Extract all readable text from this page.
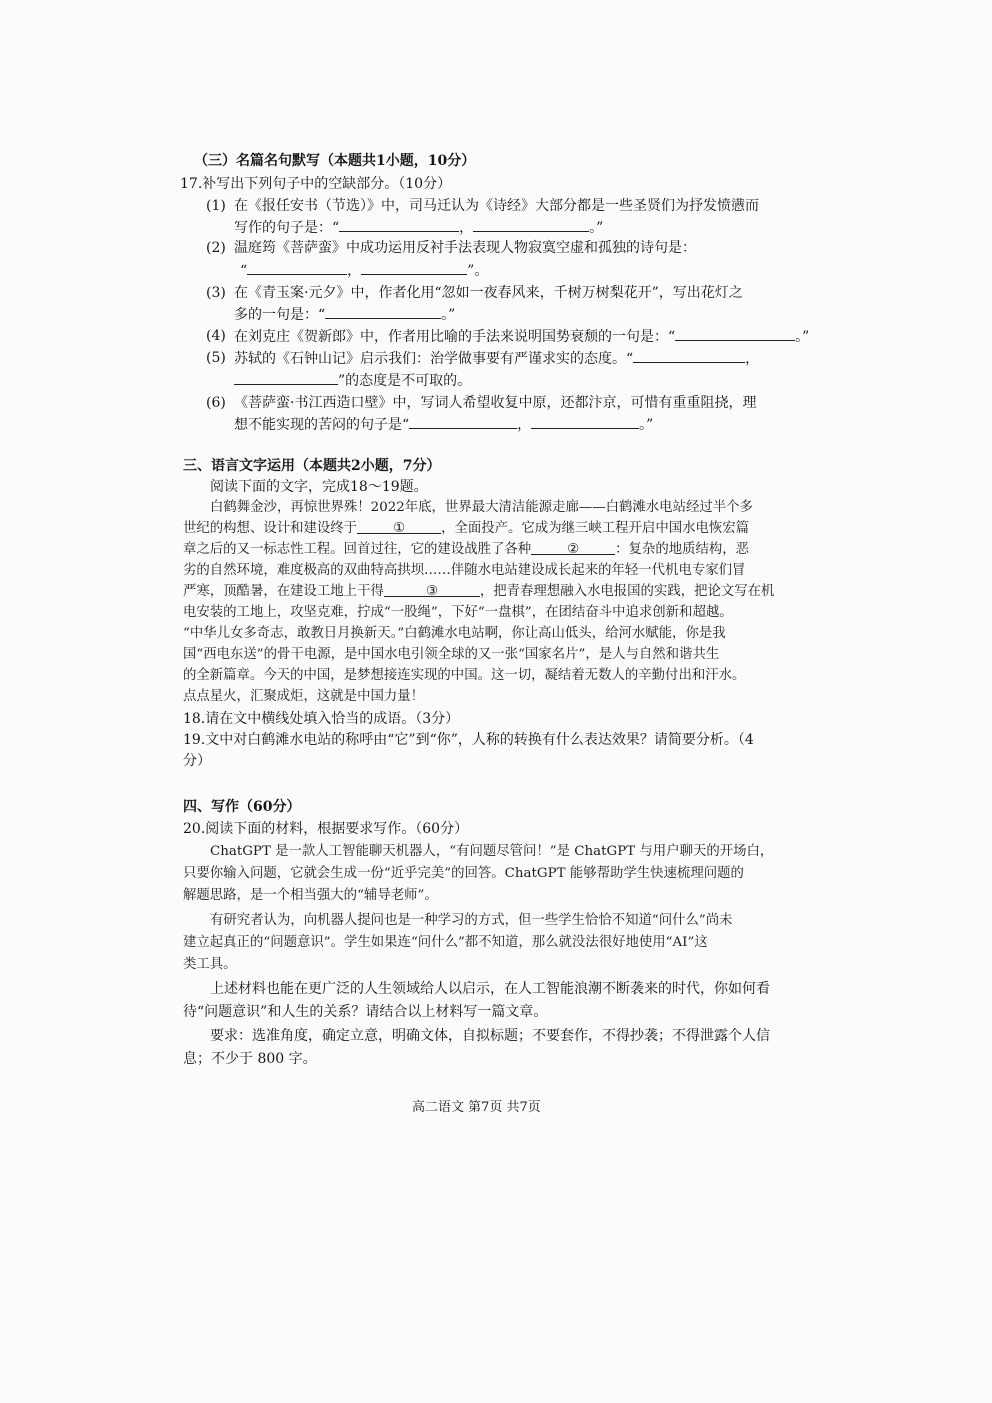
（三）名篇名句默写（本题共1小题，10分）
17.补写出下列句子中的空缺部分。（10分）
(1) 在《报任安书（节选）》中，司马迁认为《诗经》大部分都是一些圣贤们为抒发愤懑而
写作的句子是：“	，	。”
(2) 温庭筠《菩萨蛮》中成功运用反衬手法表现人物寂寞空虚和孤独的诗句是：
“	，	”。
(3) 在《青玉案·元夕》中，作者化用“忽如一夜春风来，千树万树梨花开”，写出花灯之
多的一句是：“	。”
(4) 在刘克庄《贺新郎》中，作者用比喻的手法来说明国势衰颓的一句是：“	。”
(5) 苏轼的《石钟山记》启示我们：治学做事要有严谨求实的态度。“	，
”的态度是不可取的。
(6) 《菩萨蛮·书江西造口壁》中，写词人希望收复中原，还都汴京，可惜有重重阻挠，理
想不能实现的苦闷的句子是“	，	。”
三、语言文字运用（本题共2小题，7分）
阅读下面的文字，完成18～19题。
白鹤舞金沙，再惊世界殊！2022年底，世界最大清洁能源走廊——白鹤滩水电站经过半个多
世纪的构想、设计和建设终于	①	，全面投产。它成为继三峡工程开启中国水电恢宏篇
章之后的又一标志性工程。回首过往，它的建设战胜了各种	②	：复杂的地质结构，恶
劣的自然环境，难度极高的双曲特高拱坝……伴随水电站建设成长起来的年轻一代机电专家们冒
严寒，顶酷暑，在建设工地上干得	③	，把青春理想融入水电报国的实践，把论文写在机
电安装的工地上，攻坚克难，拧成“一股绳”，下好“一盘棋”，在团结奋斗中追求创新和超越。
“中华儿女多奇志，敢教日月换新天。”白鹤滩水电站啊，你让高山低头，给河水赋能，你是我
国“西电东送”的骨干电源，是中国水电引领全球的又一张“国家名片”，是人与自然和谐共生
的全新篇章。今天的中国，是梦想接连实现的中国。这一切，凝结着无数人的辛勤付出和汗水。
点点星火，汇聚成炬，这就是中国力量！
18.请在文中横线处填入恰当的成语。（3分）
19.文中对白鹤滩水电站的称呼由“它”到“你”，人称的转换有什么表达效果？请简要分析。（4
分）
四、写作（60分）
20.阅读下面的材料，根据要求写作。（60分）
ChatGPT 是一款人工智能聊天机器人，“有问题尽管问！”是 ChatGPT 与用户聊天的开场白，
只要你输入问题，它就会生成一份“近乎完美”的回答。ChatGPT 能够帮助学生快速梳理问题的
解题思路，是一个相当强大的“辅导老师”。
有研究者认为，向机器人提问也是一种学习的方式，但一些学生恰恰不知道“问什么”尚未
建立起真正的“问题意识”。学生如果连“问什么”都不知道，那么就没法很好地使用“AI”这
类工具。
上述材料也能在更广泛的人生领域给人以启示，在人工智能浪潮不断袭来的时代，你如何看
待“问题意识”和人生的关系？请结合以上材料写一篇文章。
要求：选准角度，确定立意，明确文体，自拟标题；不要套作，不得抄袭；不得泄露个人信
息；不少于 800 字。
高二语文 第7页 共7页
